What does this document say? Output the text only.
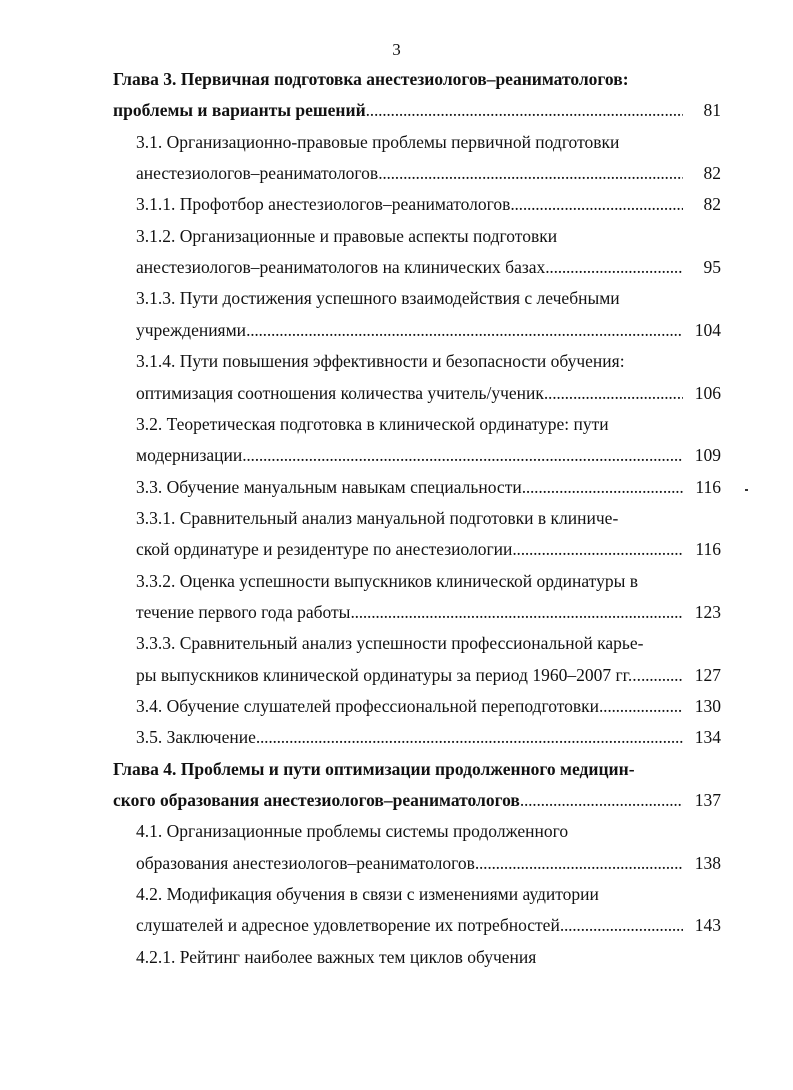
3
Глава 3. Первичная подготовка анестезиологов–реаниматологов:
проблемы и варианты решений . . .	81
3.1. Организационно-правовые проблемы первичной подготовки
анестезиологов–реаниматологов . . .	82
3.1.1. Профотбор анестезиологов–реаниматологов . . .	82
3.1.2. Организационные и правовые аспекты подготовки
анестезиологов–реаниматологов на клинических базах . . .	95
3.1.3. Пути достижения успешного взаимодействия с лечебными
учреждениями . . .	104
3.1.4. Пути повышения эффективности и безопасности обучения:
оптимизация соотношения количества учитель/ученик . . .	106
3.2. Теоретическая подготовка в клинической ординатуре: пути
модернизации . . .	109
3.3. Обучение мануальным навыкам специальности . . .	116
3.3.1. Сравнительный анализ мануальной подготовки в клиниче-
ской ординатуре и резидентуре по анестезиологии . . .	116
3.3.2. Оценка успешности выпускников клинической ординатуры в
течение первого года работы . . .	123
3.3.3. Сравнительный анализ успешности профессиональной карье-
ры выпускников клинической ординатуры за период 1960–2007 гг... . . .	127
3.4. Обучение слушателей профессиональной переподготовки . . .	130
3.5. Заключение . . .	134
Глава 4. Проблемы и пути оптимизации продолженного медицин-
ского образования анестезиологов–реаниматологов . . .	137
4.1. Организационные проблемы системы продолженного
образования анестезиологов–реаниматологов . . .	138
4.2. Модификация обучения в связи с изменениями аудитории
слушателей и адресное удовлетворение их потребностей . . .	143
4.2.1. Рейтинг наиболее важных тем циклов обучения
